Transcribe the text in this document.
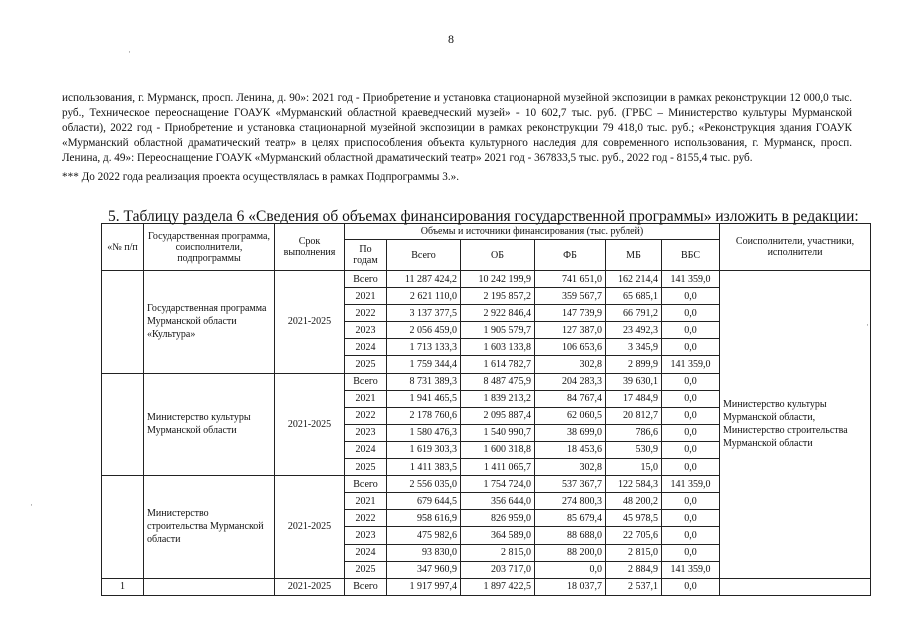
8
использования, г. Мурманск, просп. Ленина, д. 90»: 2021 год - Приобретение и установка стационарной музейной экспозиции в рамках реконструкции 12 000,0 тыс. руб., Техническое переоснащение ГОАУК «Мурманский областной краеведческий музей» - 10 602,7 тыс. руб. (ГРБС – Министерство культуры Мурманской области), 2022 год - Приобретение и установка стационарной музейной экспозиции в рамках реконструкции 79 418,0 тыс. руб.; «Реконструкция здания ГОАУК «Мурманский областной драматический театр» в целях приспособления объекта культурного наследия для современного использования, г. Мурманск, просп. Ленина, д. 49»: Переоснащение ГОАУК «Мурманский областной драматический театр» 2021 год - 367833,5 тыс. руб., 2022 год - 8155,4 тыс. руб.
*** До 2022 года реализация проекта осуществлялась в рамках Подпрограммы 3.».
5. Таблицу раздела 6 «Сведения об объемах финансирования государственной программы» изложить в редакции:
«№ п/п	Государственная программа, соисполнители, подпрограммы	Срок выполнения	Объемы и источники финансирования (тыс. рублей)						Соисполнители, участники, исполнители
			По годам	Всего	ОБ	ФБ	МБ	ВБС	
	Государственная программа Мурманской области «Культура»	2021-2025	Всего	11 287 424,2	10 242 199,9	741 651,0	162 214,4	141 359,0	Министерство культуры Мурманской области, Министерство строительства Мурманской области
			2021	2 621 110,0	2 195 857,2	359 567,7	65 685,1	0,0	
			2022	3 137 377,5	2 922 846,4	147 739,9	66 791,2	0,0	
			2023	2 056 459,0	1 905 579,7	127 387,0	23 492,3	0,0	
			2024	1 713 133,3	1 603 133,8	106 653,6	3 345,9	0,0	
			2025	1 759 344,4	1 614 782,7	302,8	2 899,9	141 359,0	
	Министерство культуры Мурманской области	2021-2025	Всего	8 731 389,3	8 487 475,9	204 283,3	39 630,1	0,0	
			2021	1 941 465,5	1 839 213,2	84 767,4	17 484,9	0,0	
			2022	2 178 760,6	2 095 887,4	62 060,5	20 812,7	0,0	
			2023	1 580 476,3	1 540 990,7	38 699,0	786,6	0,0	
			2024	1 619 303,3	1 600 318,8	18 453,6	530,9	0,0	
			2025	1 411 383,5	1 411 065,7	302,8	15,0	0,0	
	Министерство строительства Мурманской области	2021-2025	Всего	2 556 035,0	1 754 724,0	537 367,7	122 584,3	141 359,0	
			2021	679 644,5	356 644,0	274 800,3	48 200,2	0,0	
			2022	958 616,9	826 959,0	85 679,4	45 978,5	0,0	
			2023	475 982,6	364 589,0	88 688,0	22 705,6	0,0	
			2024	93 830,0	2 815,0	88 200,0	2 815,0	0,0	
			2025	347 960,9	203 717,0	0,0	2 884,9	141 359,0	
1		2021-2025	Всего	1 917 997,4	1 897 422,5	18 037,7	2 537,1	0,0	
·
·
·
